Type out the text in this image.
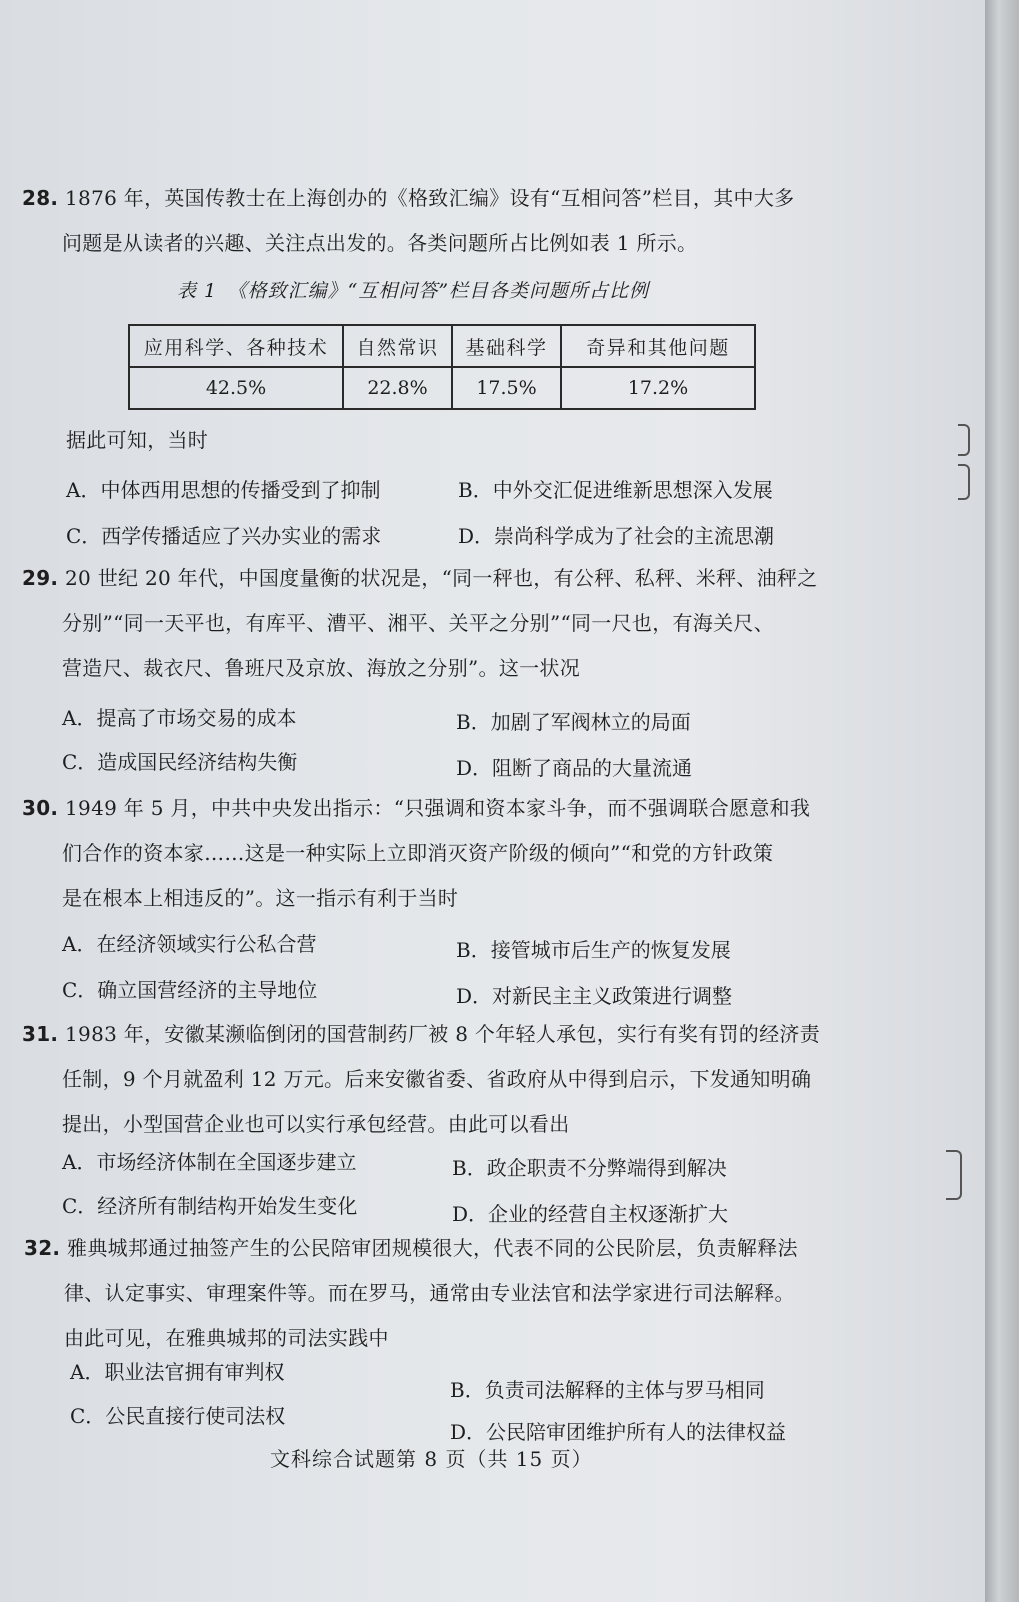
28. 1876 年，英国传教士在上海创办的《格致汇编》设有“互相问答”栏目，其中大多
问题是从读者的兴趣、关注点出发的。各类问题所占比例如表 1 所示。
表 1　《格致汇编》“互相问答”栏目各类问题所占比例
应用科学、各种技术	自然常识	基础科学	奇异和其他问题
42.5%	22.8%	17.5%	17.2%
据此可知，当时
A．中体西用思想的传播受到了抑制	B．中外交汇促进维新思想深入发展
C．西学传播适应了兴办实业的需求	D．崇尚科学成为了社会的主流思潮
29. 20 世纪 20 年代，中国度量衡的状况是，“同一秤也，有公秤、私秤、米秤、油秤之
分别”“同一天平也，有库平、漕平、湘平、关平之分别”“同一尺也，有海关尺、
营造尺、裁衣尺、鲁班尺及京放、海放之分别”。这一状况
A．提高了市场交易的成本	B．加剧了军阀林立的局面
C．造成国民经济结构失衡	D．阻断了商品的大量流通
30. 1949 年 5 月，中共中央发出指示：“只强调和资本家斗争，而不强调联合愿意和我
们合作的资本家……这是一种实际上立即消灭资产阶级的倾向”“和党的方针政策
是在根本上相违反的”。这一指示有利于当时
A．在经济领域实行公私合营	B．接管城市后生产的恢复发展
C．确立国营经济的主导地位	D．对新民主主义政策进行调整
31. 1983 年，安徽某濒临倒闭的国营制药厂被 8 个年轻人承包，实行有奖有罚的经济责
任制，9 个月就盈利 12 万元。后来安徽省委、省政府从中得到启示，下发通知明确
提出，小型国营企业也可以实行承包经营。由此可以看出
A．市场经济体制在全国逐步建立	B．政企职责不分弊端得到解决
C．经济所有制结构开始发生变化	D．企业的经营自主权逐渐扩大
32. 雅典城邦通过抽签产生的公民陪审团规模很大，代表不同的公民阶层，负责解释法
律、认定事实、审理案件等。而在罗马，通常由专业法官和法学家进行司法解释。
由此可见，在雅典城邦的司法实践中
A．职业法官拥有审判权
B．负责司法解释的主体与罗马相同
C．公民直接行使司法权
D．公民陪审团维护所有人的法律权益
文科综合试题第 8 页（共 15 页）
